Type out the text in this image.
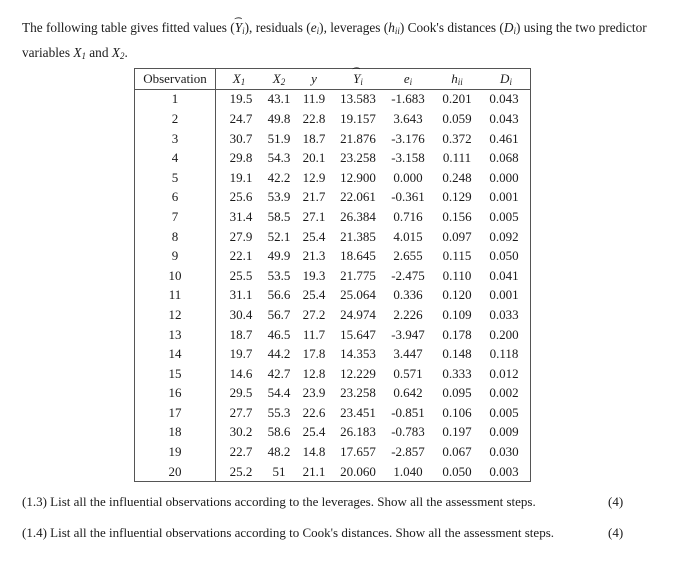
The following table gives fitted values (⌢ $Y_i$), residuals $(e_i)$, leverages $(h_{ii})$ Cook's distances $(D_i)$ using the two predictor variables $X_1$ and $X_2$.
Observation	$X_1$	$X_2$	y	⌢ $Y_i$	$e_i$	$h_{ii}$	$D_i$
1	19.5	43.1	11.9	13.583	-1.683	0.201	0.043
2	24.7	49.8	22.8	19.157	3.643	0.059	0.043
3	30.7	51.9	18.7	21.876	-3.176	0.372	0.461
4	29.8	54.3	20.1	23.258	-3.158	0.111	0.068
5	19.1	42.2	12.9	12.900	0.000	0.248	0.000
6	25.6	53.9	21.7	22.061	-0.361	0.129	0.001
7	31.4	58.5	27.1	26.384	0.716	0.156	0.005
8	27.9	52.1	25.4	21.385	4.015	0.097	0.092
9	22.1	49.9	21.3	18.645	2.655	0.115	0.050
10	25.5	53.5	19.3	21.775	-2.475	0.110	0.041
11	31.1	56.6	25.4	25.064	0.336	0.120	0.001
12	30.4	56.7	27.2	24.974	2.226	0.109	0.033
13	18.7	46.5	11.7	15.647	-3.947	0.178	0.200
14	19.7	44.2	17.8	14.353	3.447	0.148	0.118
15	14.6	42.7	12.8	12.229	0.571	0.333	0.012
16	29.5	54.4	23.9	23.258	0.642	0.095	0.002
17	27.7	55.3	22.6	23.451	-0.851	0.106	0.005
18	30.2	58.6	25.4	26.183	-0.783	0.197	0.009
19	22.7	48.2	14.8	17.657	-2.857	0.067	0.030
20	25.2	51	21.1	20.060	1.040	0.050	0.003
(1.3) List all the influential observations according to the leverages. Show all the assessment steps.	(4)
(1.4) List all the influential observations according to Cook's distances. Show all the assessment steps.	(4)
